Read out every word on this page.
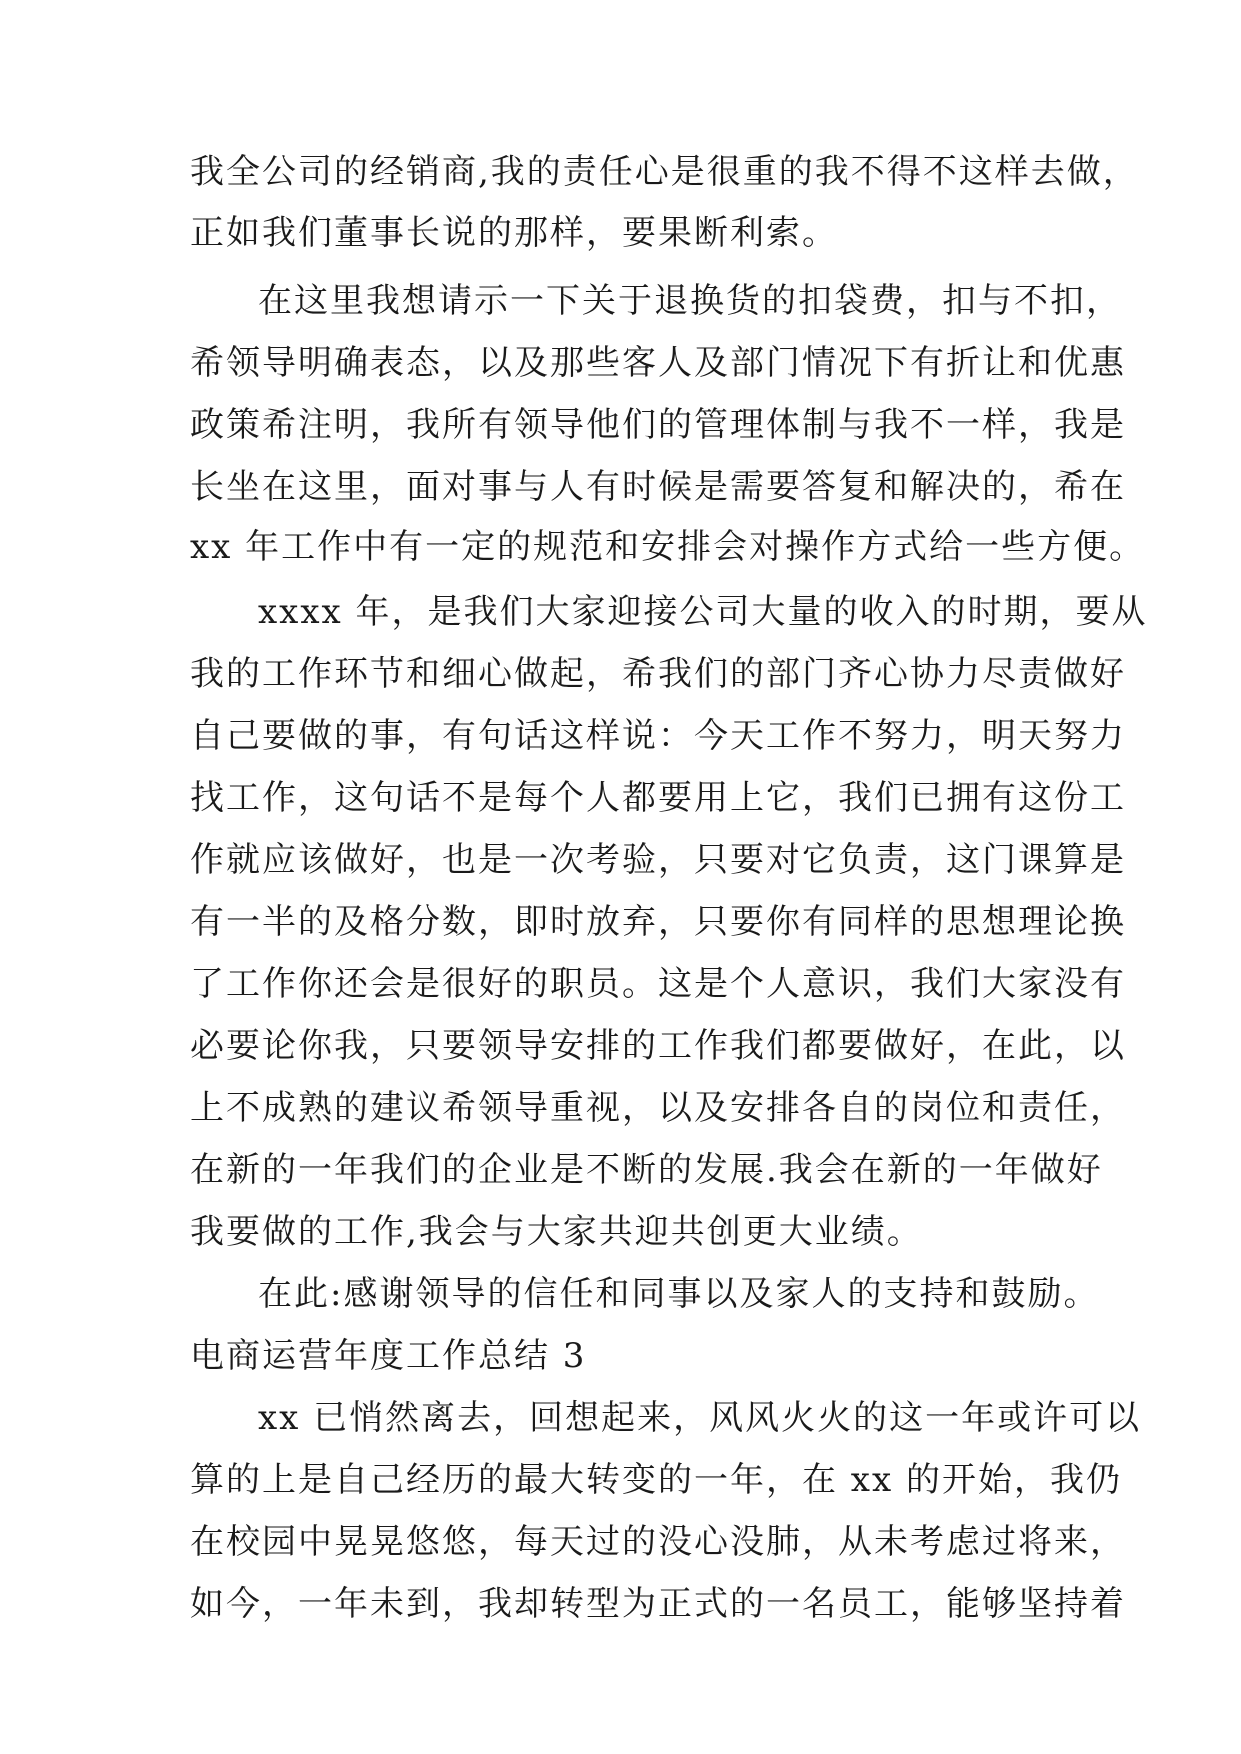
我全公司的经销商,我的责任心是很重的我不得不这样去做，
正如我们董事长说的那样，要果断利索。
在这里我想请示一下关于退换货的扣袋费，扣与不扣，
希领导明确表态，以及那些客人及部门情况下有折让和优惠
政策希注明，我所有领导他们的管理体制与我不一样，我是
长坐在这里，面对事与人有时候是需要答复和解决的，希在
xx 年工作中有一定的规范和安排会对操作方式给一些方便。
xxxx 年，是我们大家迎接公司大量的收入的时期，要从
我的工作环节和细心做起，希我们的部门齐心协力尽责做好
自己要做的事，有句话这样说：今天工作不努力，明天努力
找工作，这句话不是每个人都要用上它，我们已拥有这份工
作就应该做好，也是一次考验，只要对它负责，这门课算是
有一半的及格分数，即时放弃，只要你有同样的思想理论换
了工作你还会是很好的职员。这是个人意识，我们大家没有
必要论你我，只要领导安排的工作我们都要做好，在此，以
上不成熟的建议希领导重视，以及安排各自的岗位和责任，
在新的一年我们的企业是不断的发展.我会在新的一年做好
我要做的工作,我会与大家共迎共创更大业绩。
在此:感谢领导的信任和同事以及家人的支持和鼓励。
电商运营年度工作总结 3
xx 已悄然离去，回想起来，风风火火的这一年或许可以
算的上是自己经历的最大转变的一年，在 xx 的开始，我仍
在校园中晃晃悠悠，每天过的没心没肺，从未考虑过将来，
如今，一年未到，我却转型为正式的一名员工，能够坚持着
